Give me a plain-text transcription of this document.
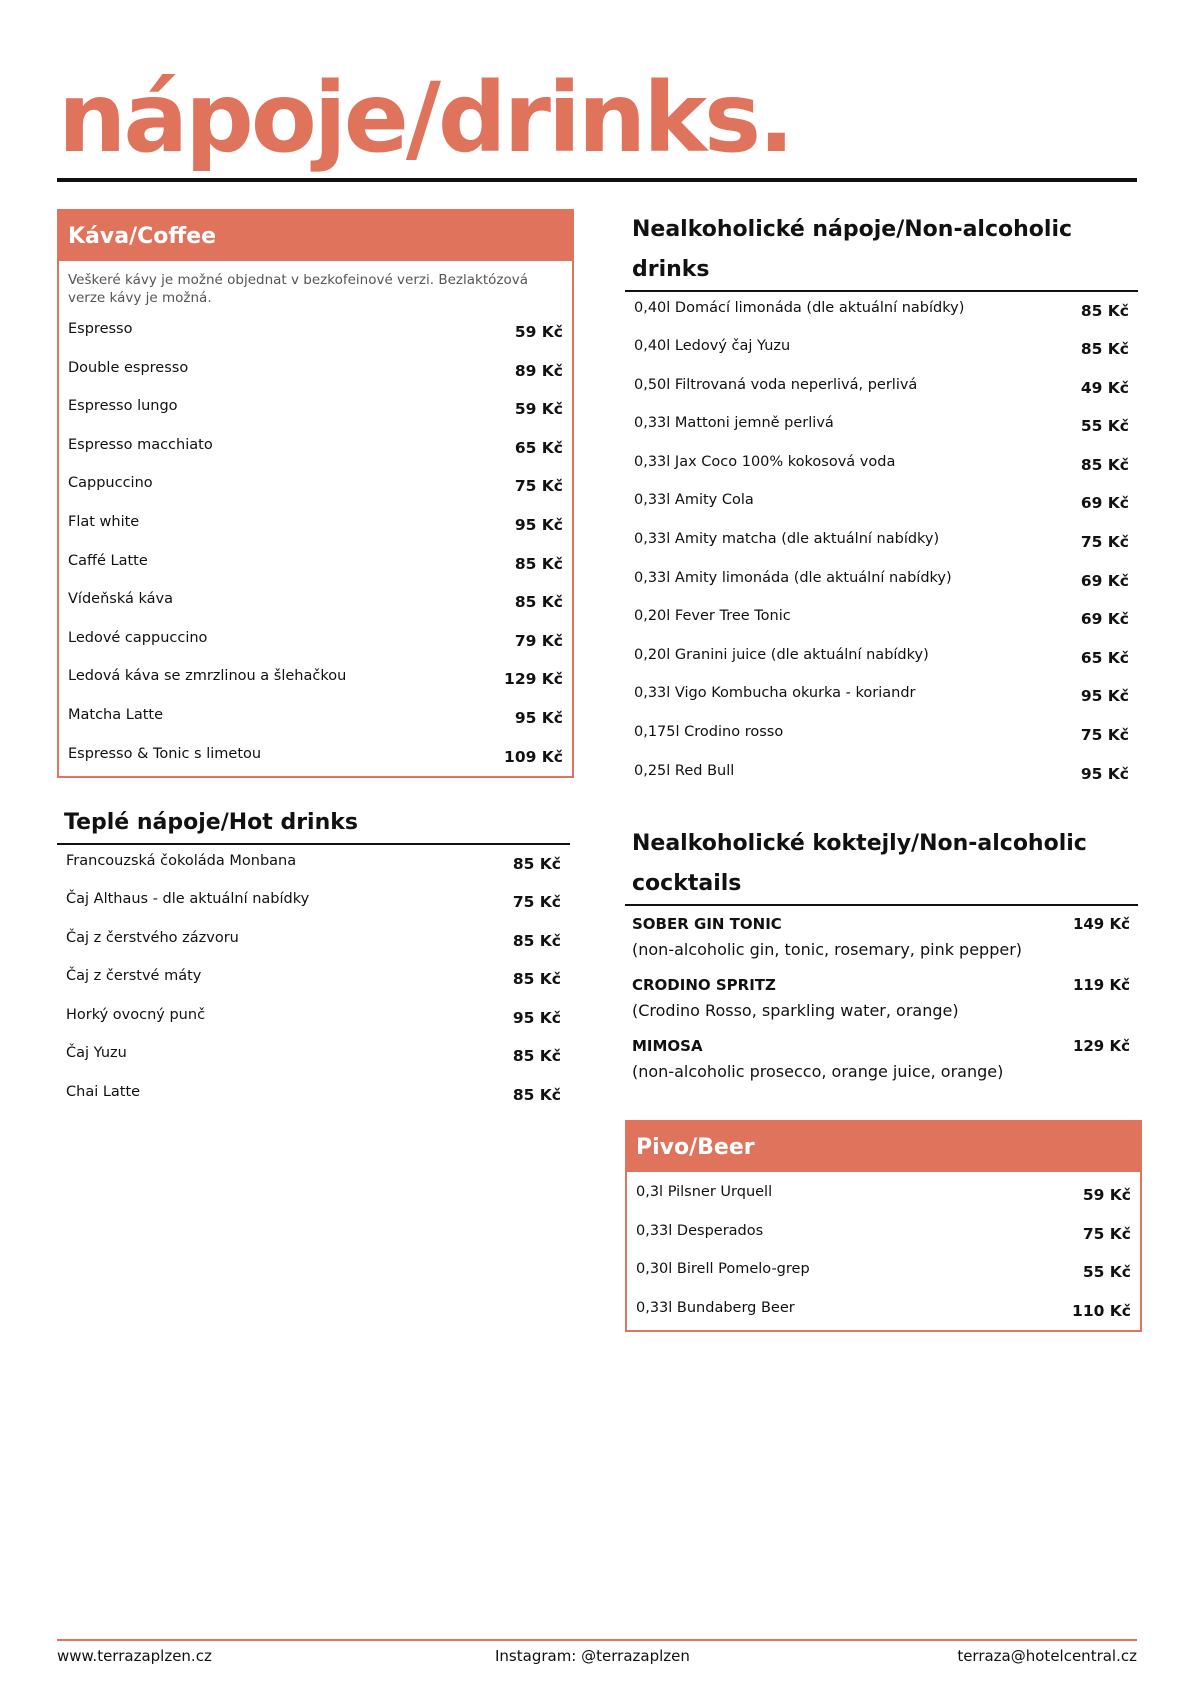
nápoje/drinks.
Káva/Coffee
Veškeré kávy je možné objednat v bezkofeinové verzi. Bezlaktózová verze kávy je možná.
Espresso	59 Kč
Double espresso	89 Kč
Espresso lungo	59 Kč
Espresso macchiato	65 Kč
Cappuccino	75 Kč
Flat white	95 Kč
Caffé Latte	85 Kč
Vídeňská káva	85 Kč
Ledové cappuccino	79 Kč
Ledová káva se zmrzlinou a šlehačkou	129 Kč
Matcha Latte	95 Kč
Espresso & Tonic s limetou	109 Kč
Teplé nápoje/Hot drinks
Francouzská čokoláda Monbana	85 Kč
Čaj Althaus - dle aktuální nabídky	75 Kč
Čaj z čerstvého zázvoru	85 Kč
Čaj z čerstvé máty	85 Kč
Horký ovocný punč	95 Kč
Čaj Yuzu	85 Kč
Chai Latte	85 Kč
Nealkoholické nápoje/Non-alcoholic drinks
0,40l Domácí limonáda (dle aktuální nabídky)	85 Kč
0,40l Ledový čaj Yuzu	85 Kč
0,50l Filtrovaná voda neperlivá, perlivá	49 Kč
0,33l Mattoni jemně perlivá	55 Kč
0,33l Jax Coco 100% kokosová voda	85 Kč
0,33l Amity Cola	69 Kč
0,33l Amity matcha (dle aktuální nabídky)	75 Kč
0,33l Amity limonáda (dle aktuální nabídky)	69 Kč
0,20l Fever Tree Tonic	69 Kč
0,20l Granini juice (dle aktuální nabídky)	65 Kč
0,33l Vigo Kombucha okurka - koriandr	95 Kč
0,175l Crodino rosso	75 Kč
0,25l Red Bull	95 Kč
Nealkoholické koktejly/Non-alcoholic cocktails
SOBER GIN TONIC	149 Kč
(non-alcoholic gin, tonic, rosemary, pink pepper)
CRODINO SPRITZ	119 Kč
(Crodino Rosso, sparkling water, orange)
MIMOSA	129 Kč
(non-alcoholic prosecco, orange juice, orange)
Pivo/Beer
0,3l Pilsner Urquell	59 Kč
0,33l Desperados	75 Kč
0,30l Birell Pomelo-grep	55 Kč
0,33l Bundaberg Beer	110 Kč
www.terrazaplzen.cz	Instagram: @terrazaplzen	terraza@hotelcentral.cz
